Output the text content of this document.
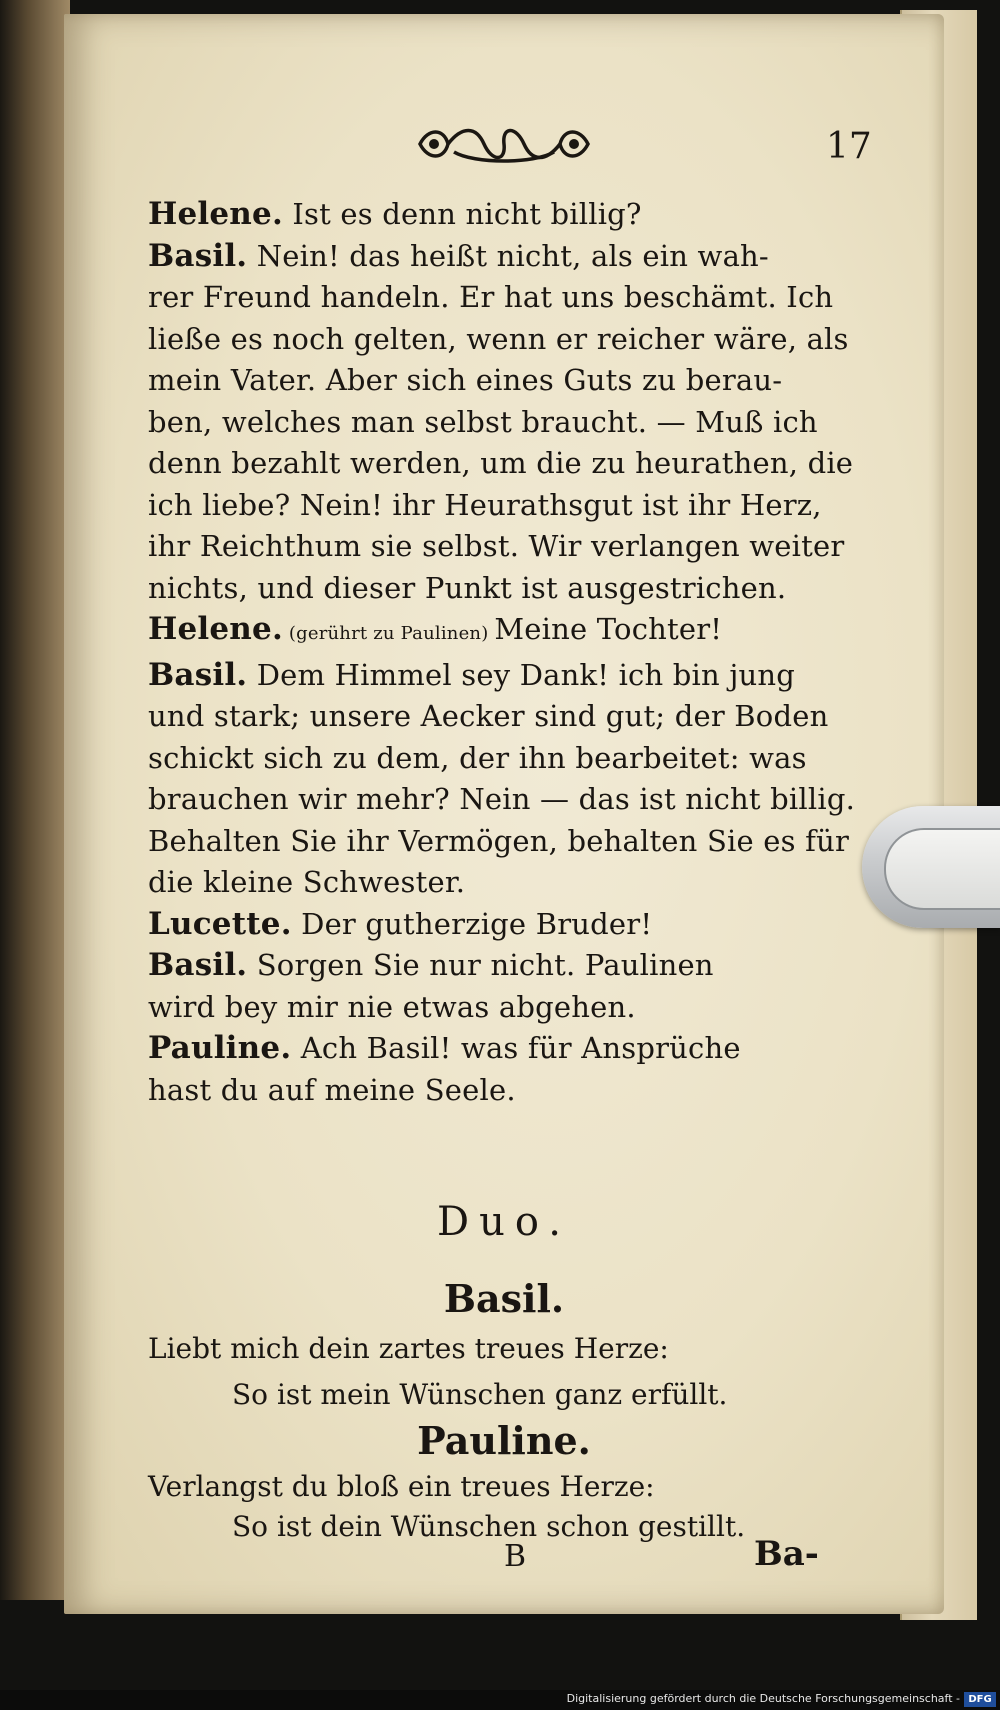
17

Helene. Ist es denn nicht billig?

Basil. Nein! das heißt nicht, als ein wah-

rer Freund handeln. Er hat uns beschämt. Ich

ließe es noch gelten, wenn er reicher wäre, als

mein Vater. Aber sich eines Guts zu berau-

ben, welches man selbst braucht. — Muß ich

denn bezahlt werden, um die zu heurathen, die

ich liebe? Nein! ihr Heurathsgut ist ihr Herz,

ihr Reichthum sie selbst. Wir verlangen weiter

nichts, und dieser Punkt ist ausgestrichen.

Helene. (gerührt zu Paulinen) Meine Tochter!

Basil. Dem Himmel sey Dank! ich bin jung

und stark; unsere Aecker sind gut; der Boden

schickt sich zu dem, der ihn bearbeitet: was

brauchen wir mehr? Nein — das ist nicht billig.

Behalten Sie ihr Vermögen, behalten Sie es für

die kleine Schwester.

Lucette. Der gutherzige Bruder!

Basil. Sorgen Sie nur nicht. Paulinen

wird bey mir nie etwas abgehen.

Pauline. Ach Basil! was für Ansprüche

hast du auf meine Seele.

Duo.
Basil.
Liebt mich dein zartes treues Herze:
So ist mein Wünschen ganz erfüllt.
Pauline.
Verlangst du bloß ein treues Herze:
So ist dein Wünschen schon gestillt.
B	Ba-
Digitalisierung gefördert durch die Deutsche Forschungsgemeinschaft - DFG
